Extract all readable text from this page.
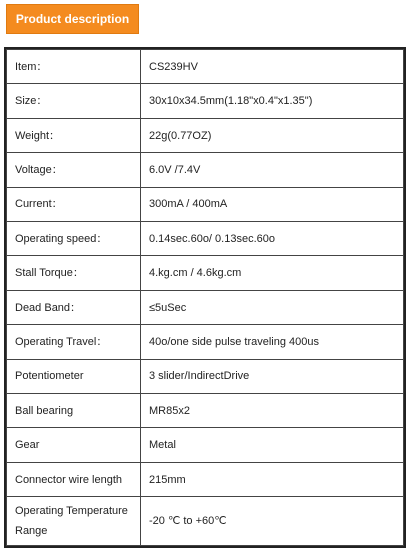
Product description
Item：	CS239HV
Size：	30x10x34.5mm(1.18"x0.4"x1.35")
Weight：	22g(0.77OZ)
Voltage：	6.0V /7.4V
Current：	300mA / 400mA
Operating speed：	0.14sec.60o/ 0.13sec.60o
Stall Torque：	4.kg.cm / 4.6kg.cm
Dead Band：	≤5uSec
Operating Travel：	40o/one side pulse traveling 400us
Potentiometer	3 slider/IndirectDrive
Ball bearing	MR85x2
Gear	Metal
Connector wire length	215mm
Operating Temperature Range	-20 ℃ to +60℃
